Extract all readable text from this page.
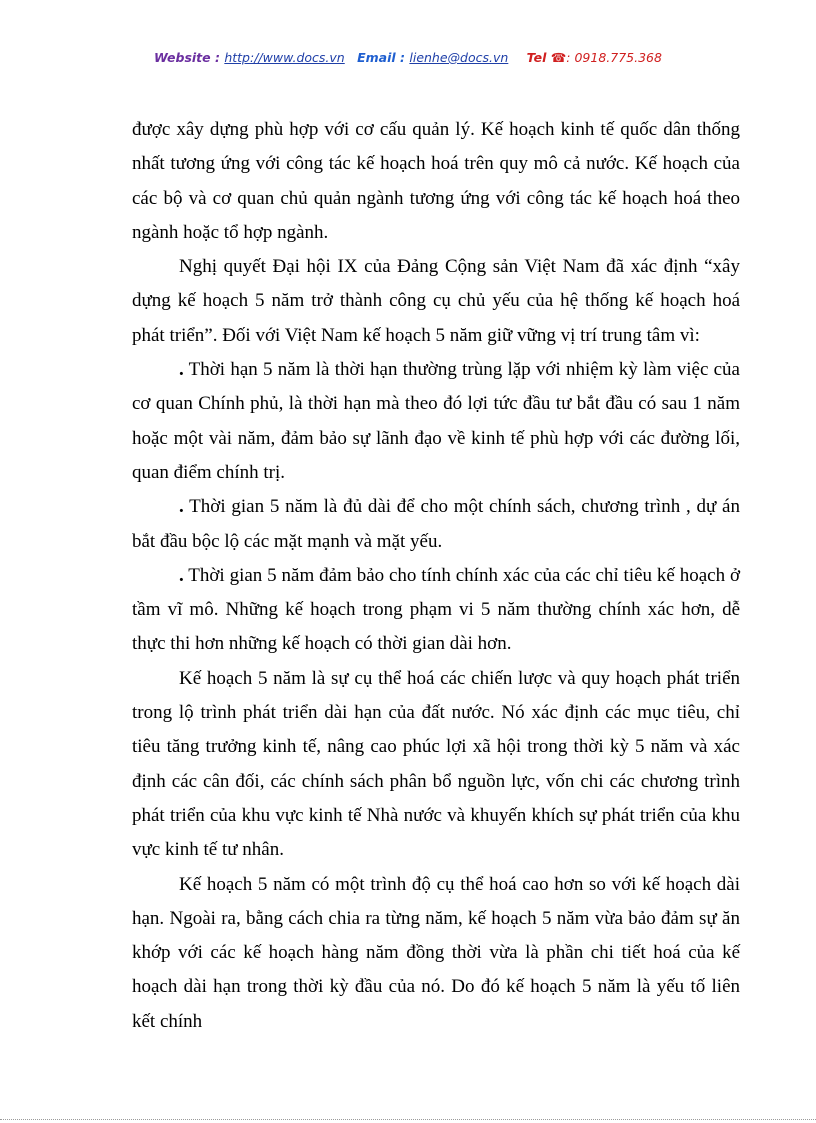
Website : http://www.docs.vn Email : lienhe@docs.vn Tel ☎: 0918.775.368

được xây dựng phù hợp với cơ cấu quản lý. Kế hoạch kinh tế quốc dân thống nhất tương ứng với công tác kế hoạch hoá trên quy mô cả nước. Kế hoạch của các bộ và cơ quan chủ quản ngành tương ứng với công tác kế hoạch hoá theo ngành hoặc tổ hợp ngành.

Nghị quyết Đại hội IX của Đảng Cộng sản Việt Nam đã xác định “xây dựng kế hoạch 5 năm trở thành công cụ chủ yếu của hệ thống kế hoạch hoá phát triển”. Đối với Việt Nam kế hoạch 5 năm giữ vững vị trí trung tâm vì:

. Thời hạn 5 năm là thời hạn thường trùng lặp với nhiệm kỳ làm việc của cơ quan Chính phủ, là thời hạn mà theo đó lợi tức đầu tư bắt đầu có sau 1 năm hoặc một vài năm, đảm bảo sự lãnh đạo về kinh tế phù hợp với các đường lối, quan điểm chính trị.

. Thời gian 5 năm là đủ dài để cho một chính sách, chương trình , dự án bắt đầu bộc lộ các mặt mạnh và mặt yếu.

. Thời gian 5 năm đảm bảo cho tính chính xác của các chỉ tiêu kế hoạch ở tầm vĩ mô. Những kế hoạch trong phạm vi 5 năm thường chính xác hơn, dễ thực thi hơn những kế hoạch có thời gian dài hơn.

Kế hoạch 5 năm là sự cụ thể hoá các chiến lược và quy hoạch phát triển trong lộ trình phát triển dài hạn của đất nước. Nó xác định các mục tiêu, chỉ tiêu tăng trưởng kinh tế, nâng cao phúc lợi xã hội trong thời kỳ 5 năm và xác định các cân đối, các chính sách phân bổ nguồn lực, vốn chi các chương trình phát triển của khu vực kinh tế Nhà nước và khuyến khích sự phát triển của khu vực kinh tế tư nhân.

Kế hoạch 5 năm có một trình độ cụ thể hoá cao hơn so với kế hoạch dài hạn. Ngoài ra, bằng cách chia ra từng năm, kế hoạch 5 năm vừa bảo đảm sự ăn khớp với các kế hoạch hàng năm đồng thời vừa là phần chi tiết hoá của kế hoạch dài hạn trong thời kỳ đầu của nó. Do đó kế hoạch 5 năm là yếu tố liên kết chính
